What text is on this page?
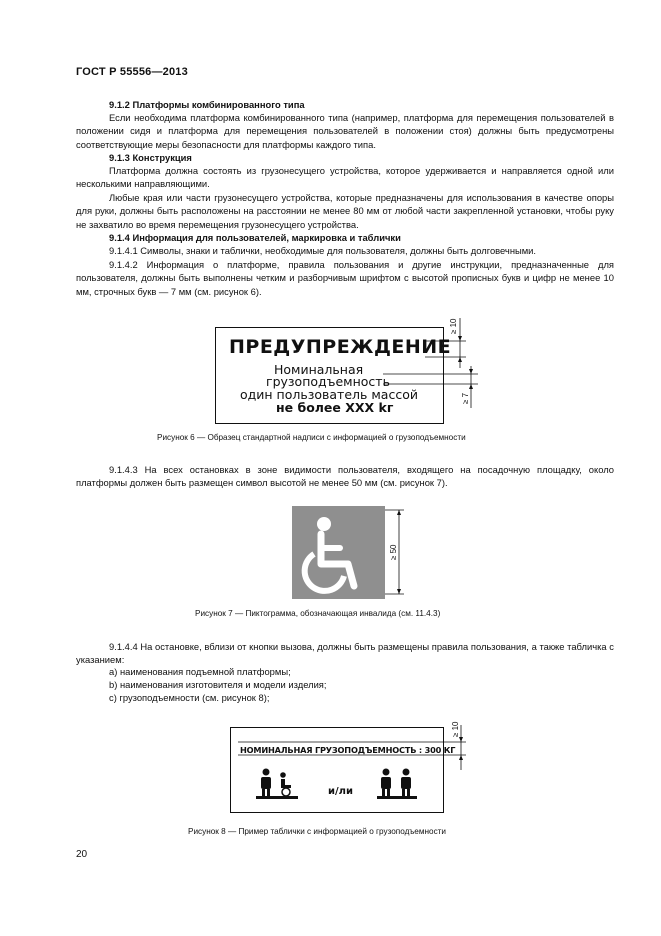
ГОСТ Р 55556—2013
9.1.2 Платформы комбинированного типа
Если необходима платформа комбинированного типа (например, платформа для перемещения пользователей в положении сидя и платформа для перемещения пользователей в положении стоя) должны быть предусмотрены соответствующие меры безопасности для платформы каждого типа.
9.1.3 Конструкция
Платформа должна состоять из грузонесущего устройства, которое удерживается и направляется одной или несколькими направляющими.
Любые края или части грузонесущего устройства, которые предназначены для использования в качестве опоры для руки, должны быть расположены на расстоянии не менее 80 мм от любой части закрепленной установки, чтобы руку не захватило во время перемещения грузонесущего устройства.
9.1.4 Информация для пользователей, маркировка и таблички
9.1.4.1 Символы, знаки и таблички, необходимые для пользователя, должны быть долговечными.
9.1.4.2 Информация о платформе, правила пользования и другие инструкции, предназначенные для пользователя, должны быть выполнены четким и разборчивым шрифтом с высотой прописных букв и цифр не менее 10 мм, строчных букв — 7 мм (см. рисунок 6).
ПРЕДУПРЕЖДЕНИЕ
Номинальная
грузоподъемность
один пользователь массой
не более XXX kг
≥ 10
≥ 7
Рисунок 6 — Образец стандартной надписи с информацией о грузоподъемности
9.1.4.3 На всех остановках в зоне видимости пользователя, входящего на посадочную площадку, около платформы должен быть размещен символ высотой не менее 50 мм (см. рисунок 7).
≥ 50
Рисунок 7 — Пиктограмма, обозначающая инвалида (см. 11.4.3)
9.1.4.4 На остановке, вблизи от кнопки вызова, должны быть размещены правила пользования, а также табличка с указанием:
a) наименования подъемной платформы;
b) наименования изготовителя и модели изделия;
c) грузоподъемности (см. рисунок 8);
НОМИНАЛЬНАЯ ГРУЗОПОДЪЕМНОСТЬ : 300 КГ
и/ли
≥ 10
Рисунок 8 — Пример таблички с информацией о грузоподъемности
20
